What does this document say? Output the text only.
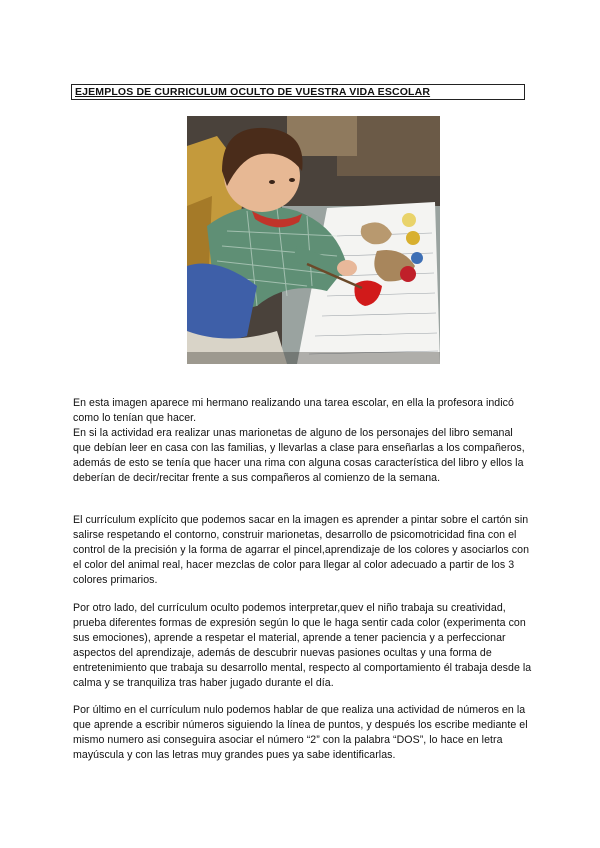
EJEMPLOS DE CURRICULUM OCULTO DE VUESTRA VIDA ESCOLAR

En esta imagen aparece mi hermano realizando una tarea escolar, en ella la profesora indicó como lo tenían que hacer.

En si la actividad era realizar unas marionetas de alguno de los personajes del libro semanal que debían leer en casa con las familias, y llevarlas a clase para enseñarlas a los compañeros, además de esto se tenía que hacer una rima con alguna cosas característica del libro y ellos la deberían de decir/recitar frente a sus compañeros al comienzo de la semana.

El currículum explícito que podemos sacar en la imagen es aprender a pintar sobre el cartón sin salirse respetando el contorno, construir marionetas, desarrollo de psicomotricidad fina con el control de la precisión y la forma de agarrar el pincel,aprendizaje de los colores y asociarlos con el color del animal real, hacer mezclas de color para llegar al color adecuado a partir de los 3 colores primarios.

Por otro lado, del currículum oculto podemos interpretar,quev el niño trabaja su creatividad, prueba diferentes formas de expresión según lo que le haga sentir cada color (experimenta con sus emociones), aprende a respetar el material, aprende a tener paciencia y a perfeccionar aspectos del aprendizaje, además de descubrir nuevas pasiones ocultas y una forma de entretenimiento que trabaja su desarrollo mental, respecto al comportamiento él trabaja desde la calma y se tranquiliza tras haber jugado durante el día.

Por último en el currículum nulo podemos hablar de que realiza una actividad de números en la que aprende a escribir números siguiendo la línea de puntos, y después los escribe mediante el mismo numero asi conseguira asociar el número “2” con la palabra “DOS”, lo hace en letra mayúscula y con las letras muy grandes pues ya sabe identificarlas.
